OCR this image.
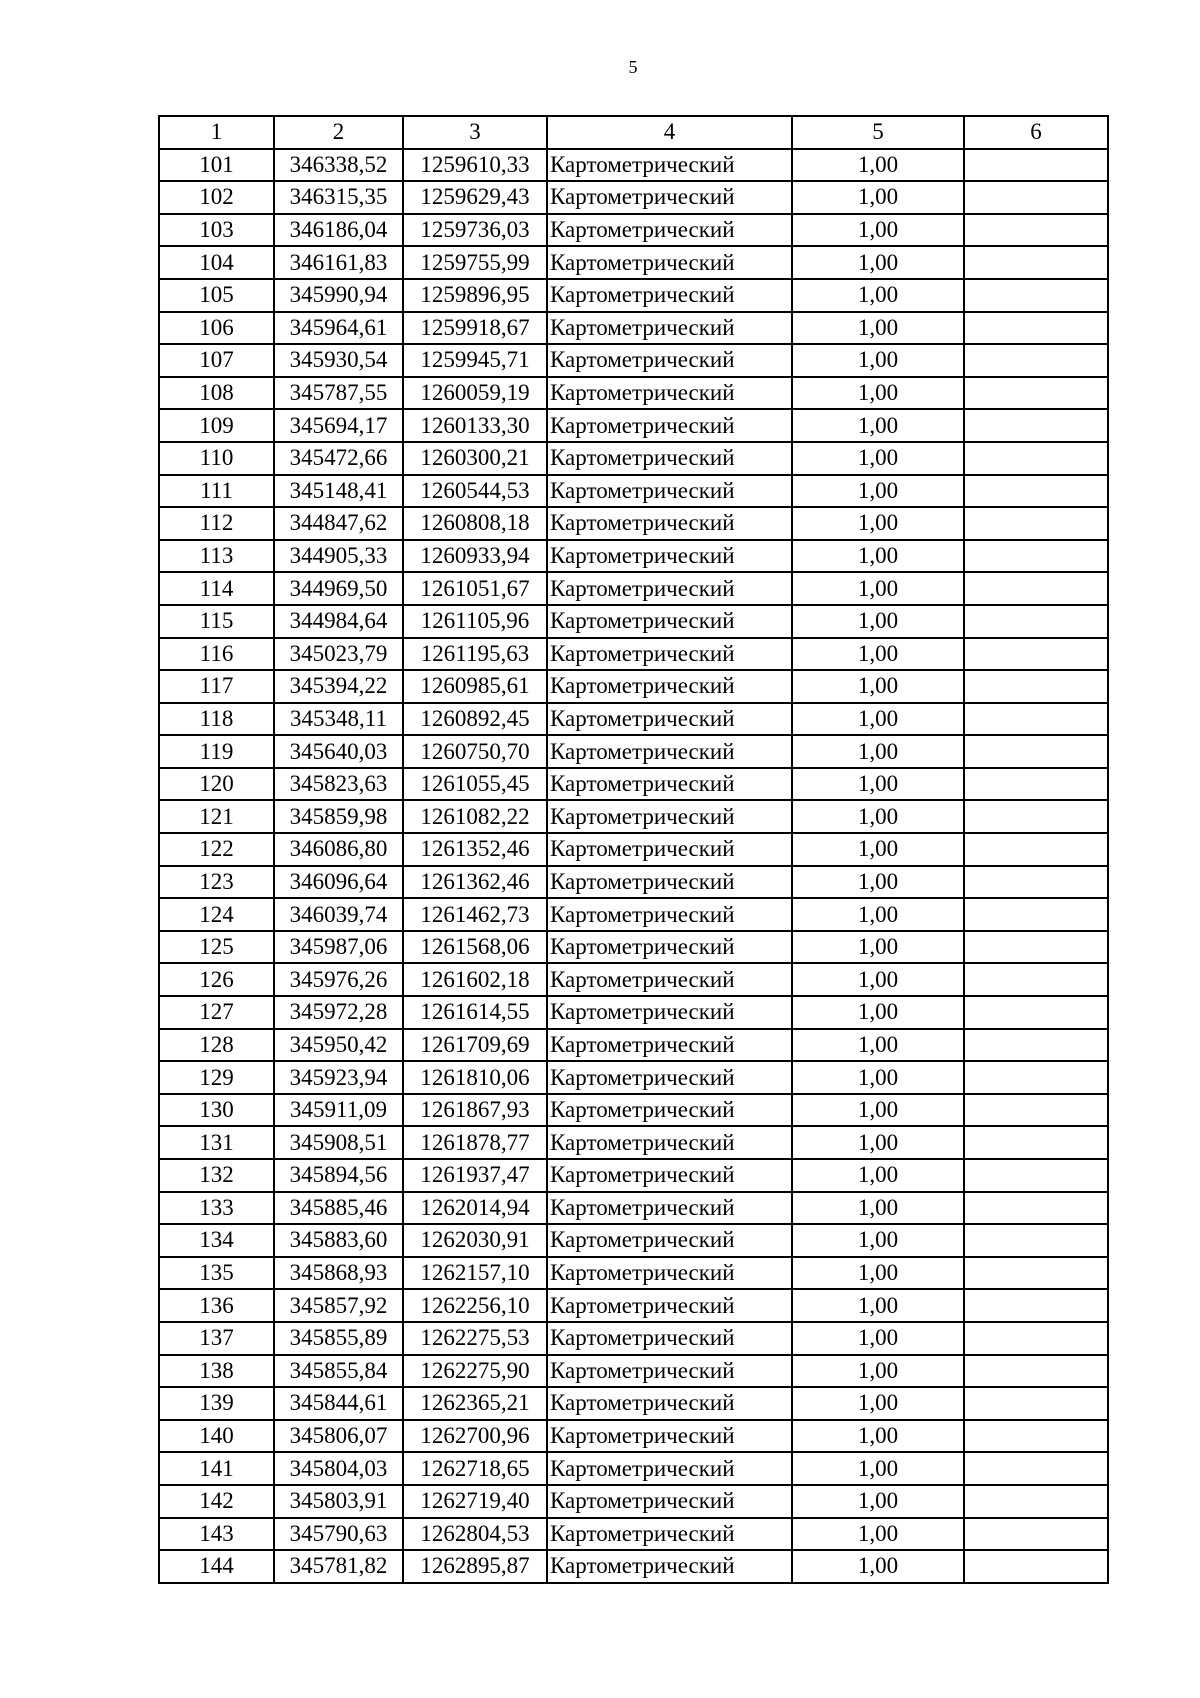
5
1	2	3	4	5	6
101	346338,52	1259610,33	Картометрический	1,00	
102	346315,35	1259629,43	Картометрический	1,00	
103	346186,04	1259736,03	Картометрический	1,00	
104	346161,83	1259755,99	Картометрический	1,00	
105	345990,94	1259896,95	Картометрический	1,00	
106	345964,61	1259918,67	Картометрический	1,00	
107	345930,54	1259945,71	Картометрический	1,00	
108	345787,55	1260059,19	Картометрический	1,00	
109	345694,17	1260133,30	Картометрический	1,00	
110	345472,66	1260300,21	Картометрический	1,00	
111	345148,41	1260544,53	Картометрический	1,00	
112	344847,62	1260808,18	Картометрический	1,00	
113	344905,33	1260933,94	Картометрический	1,00	
114	344969,50	1261051,67	Картометрический	1,00	
115	344984,64	1261105,96	Картометрический	1,00	
116	345023,79	1261195,63	Картометрический	1,00	
117	345394,22	1260985,61	Картометрический	1,00	
118	345348,11	1260892,45	Картометрический	1,00	
119	345640,03	1260750,70	Картометрический	1,00	
120	345823,63	1261055,45	Картометрический	1,00	
121	345859,98	1261082,22	Картометрический	1,00	
122	346086,80	1261352,46	Картометрический	1,00	
123	346096,64	1261362,46	Картометрический	1,00	
124	346039,74	1261462,73	Картометрический	1,00	
125	345987,06	1261568,06	Картометрический	1,00	
126	345976,26	1261602,18	Картометрический	1,00	
127	345972,28	1261614,55	Картометрический	1,00	
128	345950,42	1261709,69	Картометрический	1,00	
129	345923,94	1261810,06	Картометрический	1,00	
130	345911,09	1261867,93	Картометрический	1,00	
131	345908,51	1261878,77	Картометрический	1,00	
132	345894,56	1261937,47	Картометрический	1,00	
133	345885,46	1262014,94	Картометрический	1,00	
134	345883,60	1262030,91	Картометрический	1,00	
135	345868,93	1262157,10	Картометрический	1,00	
136	345857,92	1262256,10	Картометрический	1,00	
137	345855,89	1262275,53	Картометрический	1,00	
138	345855,84	1262275,90	Картометрический	1,00	
139	345844,61	1262365,21	Картометрический	1,00	
140	345806,07	1262700,96	Картометрический	1,00	
141	345804,03	1262718,65	Картометрический	1,00	
142	345803,91	1262719,40	Картометрический	1,00	
143	345790,63	1262804,53	Картометрический	1,00	
144	345781,82	1262895,87	Картометрический	1,00	
